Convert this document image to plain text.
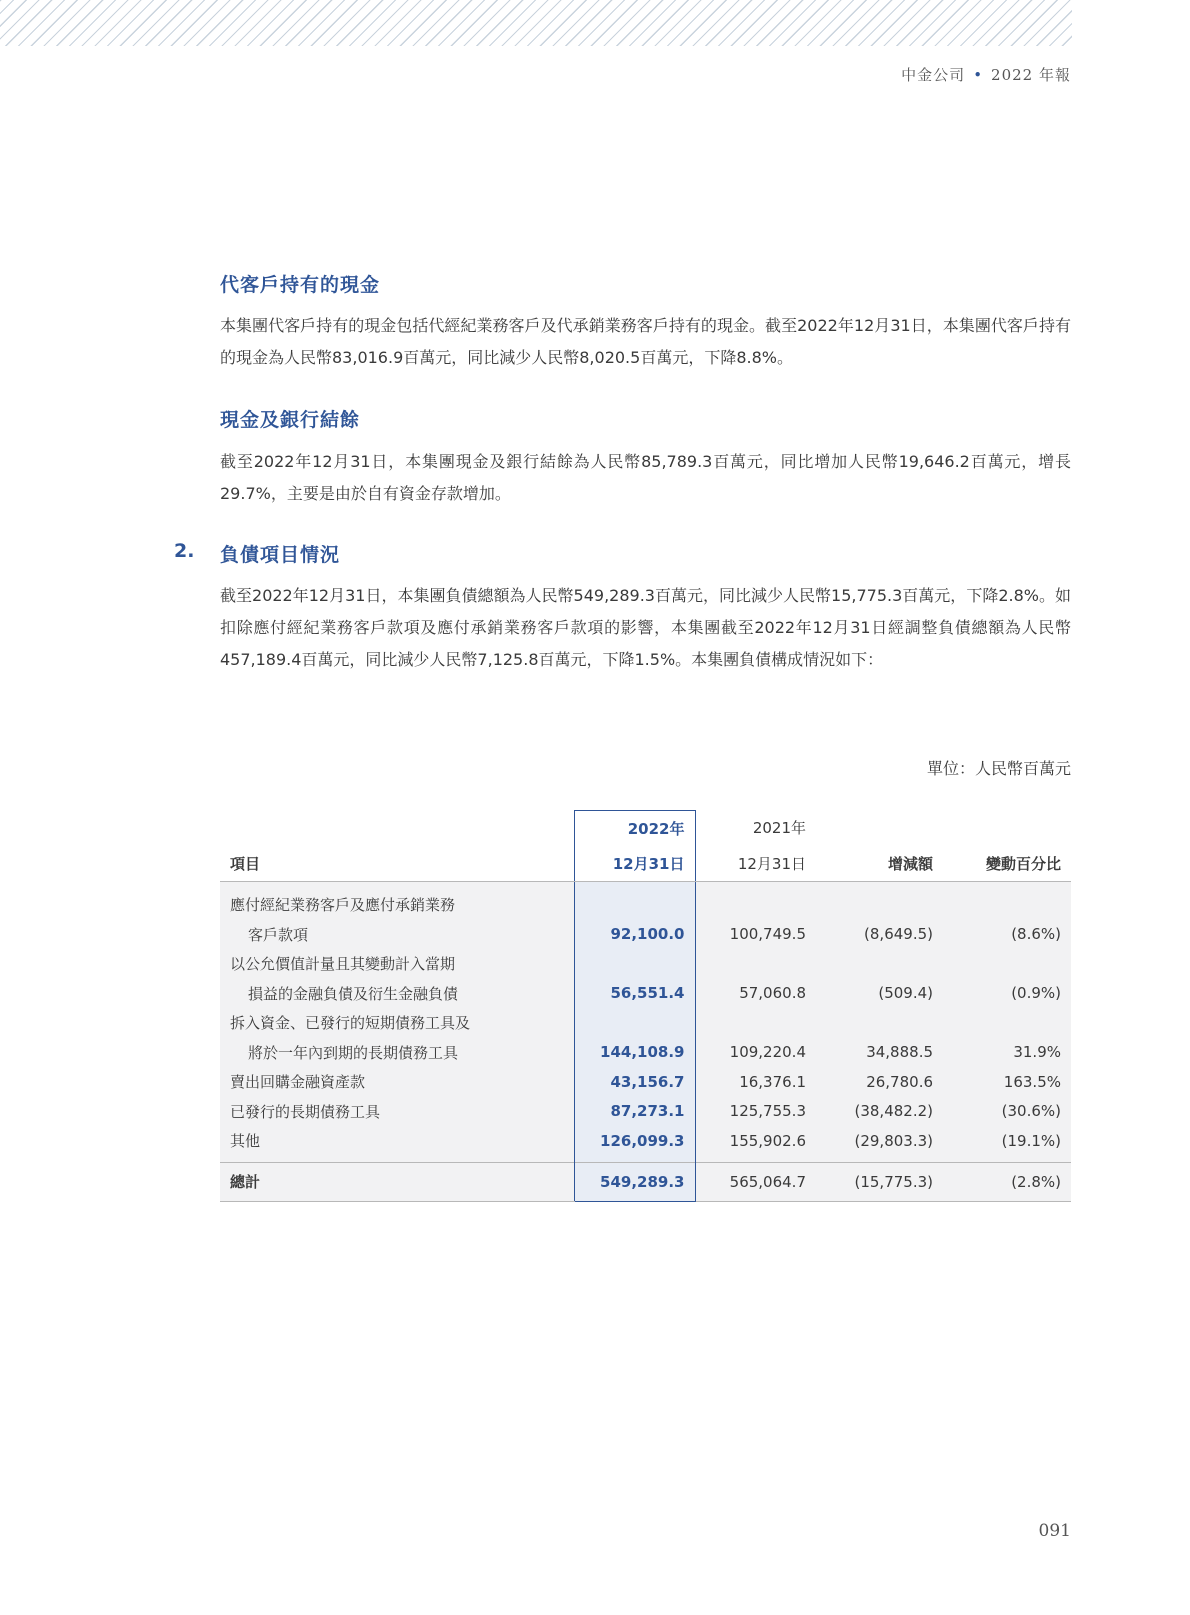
中金公司 • 2022 年報
代客戶持有的現金

本集團代客戶持有的現金包括代經紀業務客戶及代承銷業務客戶持有的現金。截至2022年12月31日，本集團代客戶持有的現金為人民幣83,016.9百萬元，同比減少人民幣8,020.5百萬元，下降8.8%。

現金及銀行結餘

截至2022年12月31日，本集團現金及銀行結餘為人民幣85,789.3百萬元，同比增加人民幣19,646.2百萬元，增長29.7%，主要是由於自有資金存款增加。

2. 負債項目情況

截至2022年12月31日，本集團負債總額為人民幣549,289.3百萬元，同比減少人民幣15,775.3百萬元，下降2.8%。如扣除應付經紀業務客戶款項及應付承銷業務客戶款項的影響，本集團截至2022年12月31日經調整負債總額為人民幣457,189.4百萬元，同比減少人民幣7,125.8百萬元，下降1.5%。本集團負債構成情況如下：

單位：人民幣百萬元
	2022年	2021年		
項目	12月31日	12月31日	增減額	變動百分比
應付經紀業務客戶及應付承銷業務				
客戶款項	92,100.0	100,749.5	(8,649.5)	(8.6%)
以公允價值計量且其變動計入當期				
損益的金融負債及衍生金融負債	56,551.4	57,060.8	(509.4)	(0.9%)
拆入資金、已發行的短期債務工具及				
將於一年內到期的長期債務工具	144,108.9	109,220.4	34,888.5	31.9%
賣出回購金融資產款	43,156.7	16,376.1	26,780.6	163.5%
已發行的長期債務工具	87,273.1	125,755.3	(38,482.2)	(30.6%)
其他	126,099.3	155,902.6	(29,803.3)	(19.1%)
總計	549,289.3	565,064.7	(15,775.3)	(2.8%)
091
